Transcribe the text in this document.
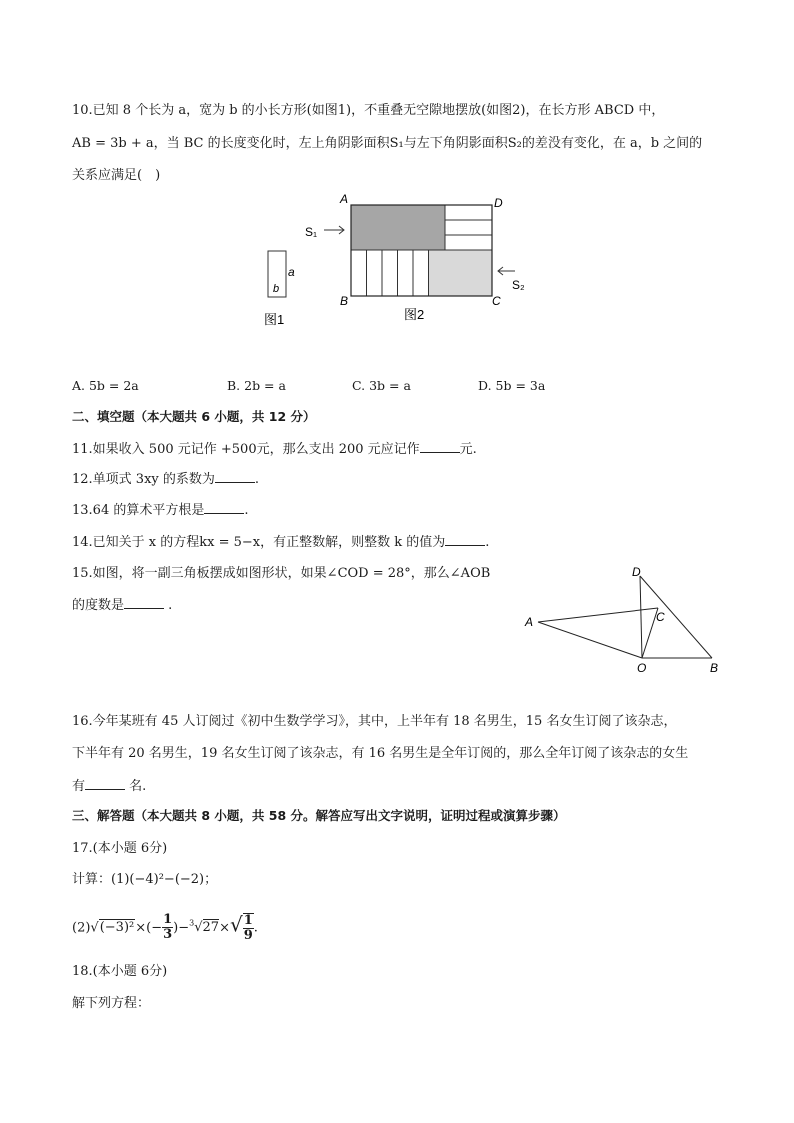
10.已知 8 个长为 a，宽为 b 的小长方形(如图1)，不重叠无空隙地摆放(如图2)，在长方形 ABCD 中，
AB = 3b + a，当 BC 的长度变化时，左上角阴影面积S₁与左下角阴影面积S₂的差没有变化，在 a，b 之间的
关系应满足(　)
a
b
图1
A	D
B	C
S₁
S₂
图2
A. 5b = 2a	B. 2b = a	C. 3b = a	D. 5b = 3a
二、填空题（本大题共 6 小题，共 12 分）
11.如果收入 500 元记作 +500元，那么支出 200 元应记作	元.
12.单项式 3xy 的系数为	.
13.64 的算术平方根是	.
14.已知关于 x 的方程kx = 5−x，有正整数解，则整数 k 的值为	.
15.如图，将一副三角板摆成如图形状，如果∠COD = 28°，那么∠AOB
的度数是	.
D
C
A
O	B
16.今年某班有 45 人订阅过《初中生数学学习》，其中，上半年有 18 名男生，15 名女生订阅了该杂志，
下半年有 20 名男生，19 名女生订阅了该杂志，有 16 名男生是全年订阅的，那么全年订阅了该杂志的女生
有	名.
三、解答题（本大题共 8 小题，共 58 分。解答应写出文字说明，证明过程或演算步骤）
17.(本小题 6分)
计算：(1)(−4)²−(−2)；
$(2)√(-3)^2\times(- \frac{1}{3} )-^3√27\times√ \frac{1}{9}$ .
18.(本小题 6分)
解下列方程：
